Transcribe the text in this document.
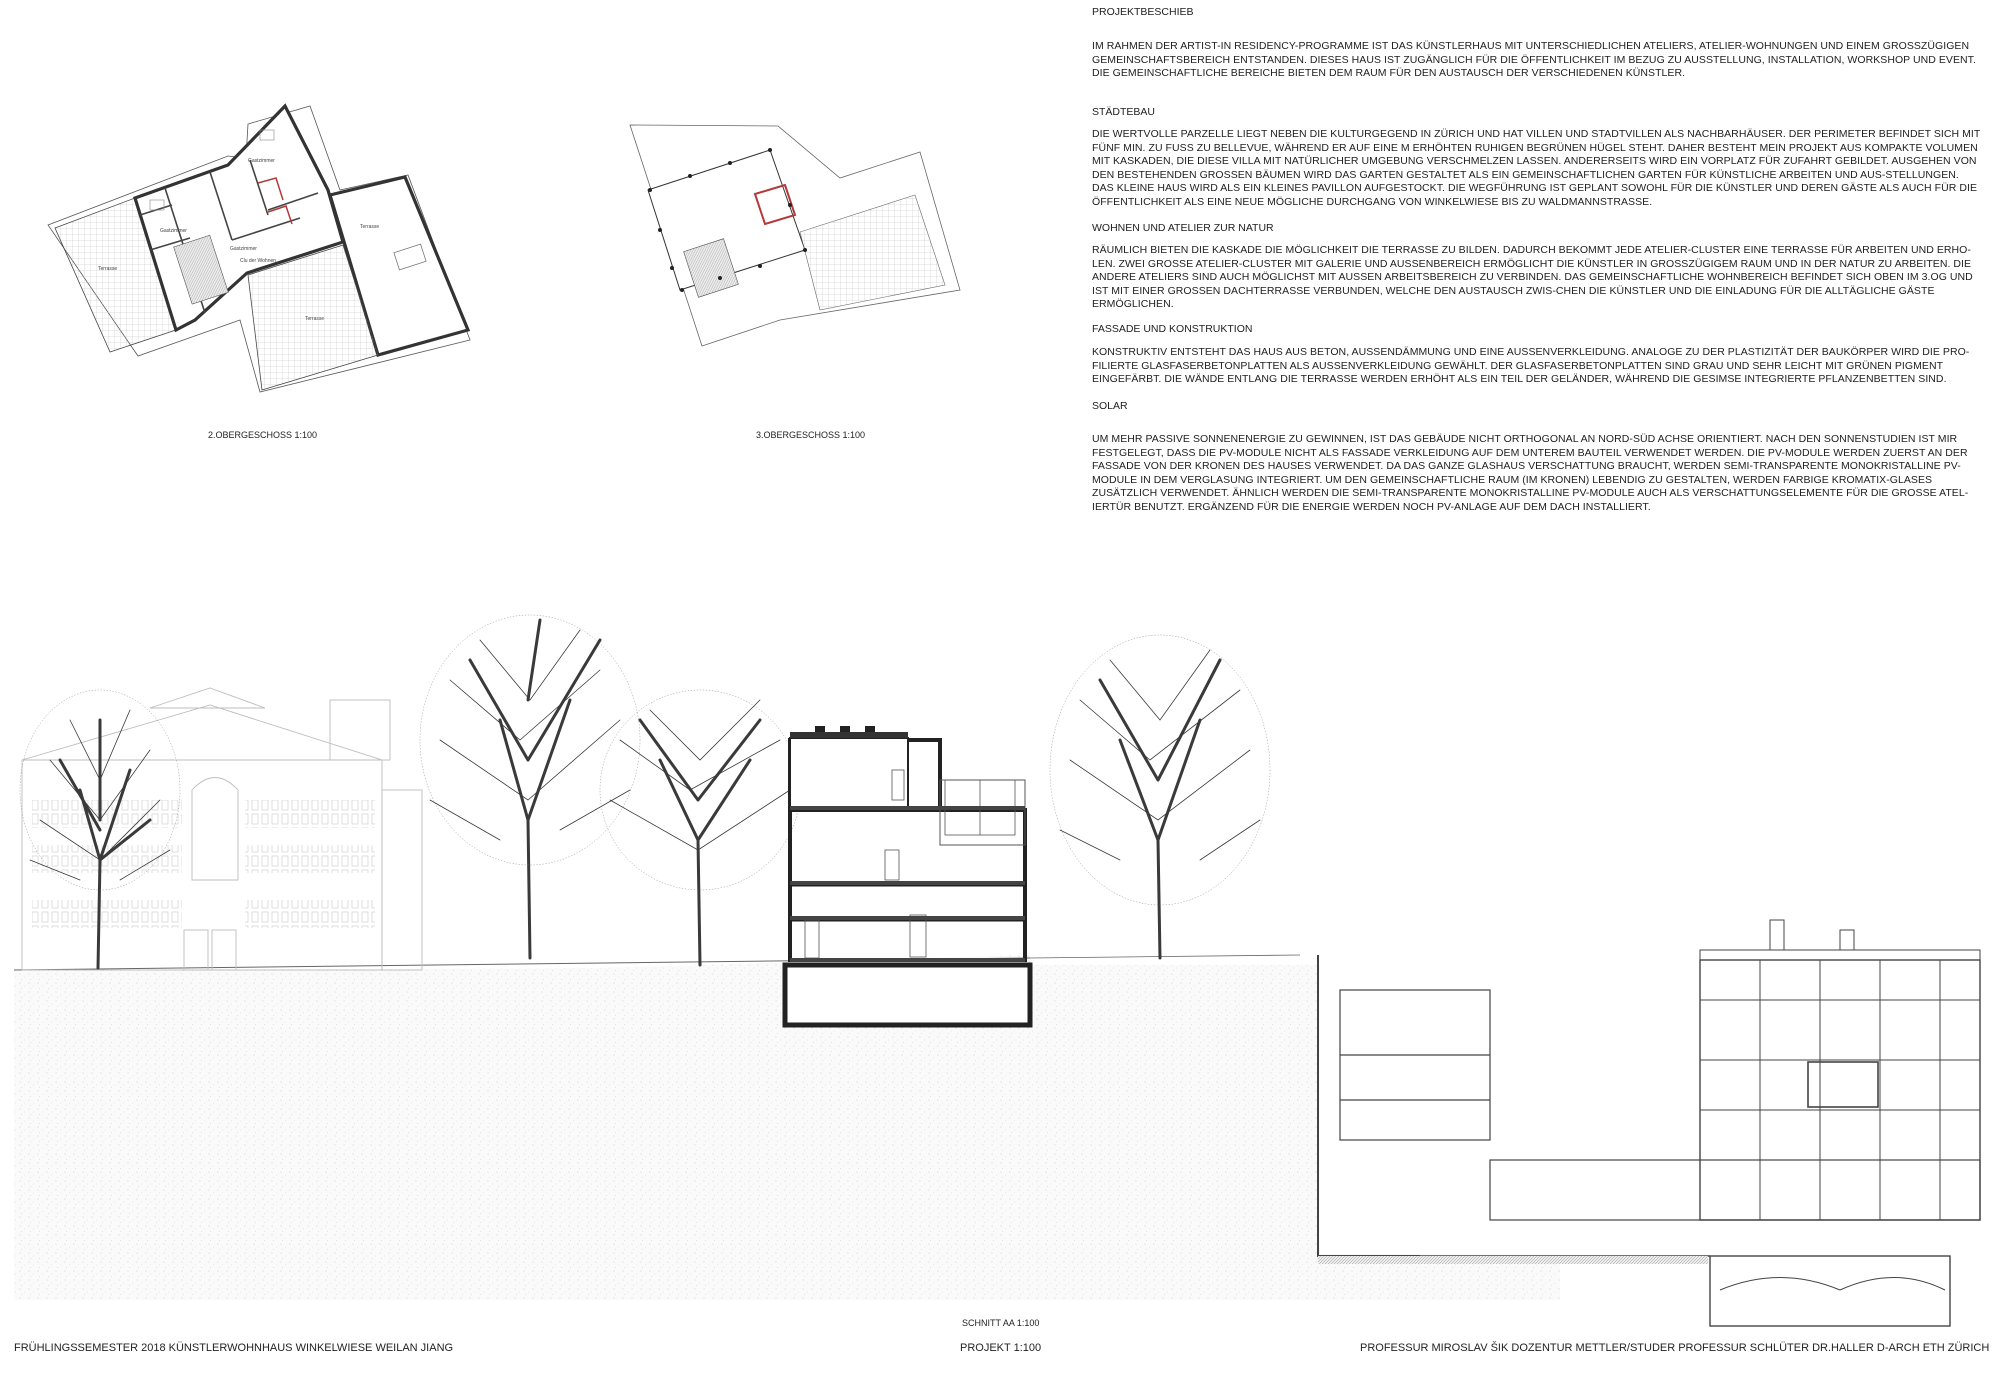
Terrasse
Gastzimmer
Gastzimmer
Clu der Wohnen
Gastzimmer
Terrasse
Terrasse
PROJEKTBESCHIEB
IM RAHMEN DER ARTIST-IN RESIDENCY-PROGRAMME IST DAS KÜNSTLERHAUS MIT UNTERSCHIEDLICHEN ATELIERS, ATELIER-WOHNUNGEN UND EINEM GROSSZÜGIGEN GEMEINSCHAFTSBEREICH ENTSTANDEN. DIESES HAUS IST ZUGÄNGLICH FÜR DIE ÖFFENTLICHKEIT IM BEZUG ZU AUSSTELLUNG, INSTALLATION, WORKSHOP UND EVENT. DIE GEMEINSCHAFTLICHE BEREICHE BIETEN DEM RAUM FÜR DEN AUSTAUSCH DER VERSCHIEDENEN KÜNSTLER.
STÄDTEBAU
DIE WERTVOLLE PARZELLE LIEGT NEBEN DIE KULTURGEGEND IN ZÜRICH UND HAT VILLEN UND STADTVILLEN ALS NACHBARHÄUSER. DER PERIMETER BEFINDET SICH MIT FÜNF MIN. ZU FUSS ZU BELLEVUE, WÄHREND ER AUF EINE M ERHÖHTEN RUHIGEN BEGRÜNEN HÜGEL STEHT. DAHER BESTEHT MEIN PROJEKT AUS KOMPAKTE VOLUMEN MIT KASKADEN, DIE DIESE VILLA MIT NATÜRLICHER UMGEBUNG VERSCHMELZEN LASSEN. ANDERERSEITS WIRD EIN VORPLATZ FÜR ZUFAHRT GEBILDET. AUSGEHEN VON DEN BESTEHENDEN GROSSEN BÄUMEN WIRD DAS GARTEN GESTALTET ALS EIN GEMEINSCHAFTLICHEN GARTEN FÜR KÜNSTLICHE ARBEITEN UND AUS-STELLUNGEN. DAS KLEINE HAUS WIRD ALS EIN KLEINES PAVILLON AUFGESTOCKT. DIE WEGFÜHRUNG IST GEPLANT SOWOHL FÜR DIE KÜNSTLER UND DEREN GÄSTE ALS AUCH FÜR DIE ÖFFENTLICHKEIT ALS EINE NEUE MÖGLICHE DURCHGANG VON WINKELWIESE BIS ZU WALDMANNSTRASSE.
WOHNEN UND ATELIER ZUR NATUR
RÄUMLICH BIETEN DIE KASKADE DIE MÖGLICHKEIT DIE TERRASSE ZU BILDEN. DADURCH BEKOMMT JEDE ATELIER-CLUSTER EINE TERRASSE FÜR ARBEITEN UND ERHO-LEN. ZWEI GROSSE ATELIER-CLUSTER MIT GALERIE UND AUSSENBEREICH ERMÖGLICHT DIE KÜNSTLER IN GROSSZÜGIGEM RAUM UND IN DER NATUR ZU ARBEITEN. DIE ANDERE ATELIERS SIND AUCH MÖGLICHST MIT AUSSEN ARBEITSBEREICH ZU VERBINDEN. DAS GEMEINSCHAFTLICHE WOHNBEREICH BEFINDET SICH OBEN IM 3.OG UND IST MIT EINER GROSSEN DACHTERRASSE VERBUNDEN, WELCHE DEN AUSTAUSCH ZWIS-CHEN DIE KÜNSTLER UND DIE EINLADUNG FÜR DIE ALLTÄGLICHE GÄSTE ERMÖGLICHEN.
FASSADE UND KONSTRUKTION
KONSTRUKTIV ENTSTEHT DAS HAUS AUS BETON, AUSSENDÄMMUNG UND EINE AUSSENVERKLEIDUNG. ANALOGE ZU DER PLASTIZITÄT DER BAUKÖRPER WIRD DIE PRO-FILIERTE GLASFASERBETONPLATTEN ALS AUSSENVERKLEIDUNG GEWÄHLT. DER GLASFASERBETONPLATTEN SIND GRAU UND SEHR LEICHT MIT GRÜNEN PIGMENT EINGEFÄRBT. DIE WÄNDE ENTLANG DIE TERRASSE WERDEN ERHÖHT ALS EIN TEIL DER GELÄNDER, WÄHREND DIE GESIMSE INTEGRIERTE PFLANZENBETTEN SIND.
SOLAR
UM MEHR PASSIVE SONNENENERGIE ZU GEWINNEN, IST DAS GEBÄUDE NICHT ORTHOGONAL AN NORD-SÜD ACHSE ORIENTIERT. NACH DEN SONNENSTUDIEN IST MIR FESTGELEGT, DASS DIE PV-MODULE NICHT ALS FASSADE VERKLEIDUNG AUF DEM UNTEREM BAUTEIL VERWENDET WERDEN. DIE PV-MODULE WERDEN ZUERST AN DER FASSADE VON DER KRONEN DES HAUSES VERWENDET. DA DAS GANZE GLASHAUS VERSCHATTUNG BRAUCHT, WERDEN SEMI-TRANSPARENTE MONOKRISTALLINE PV-MODULE IN DEM VERGLASUNG INTEGRIERT. UM DEN GEMEINSCHAFTLICHE RAUM (IM KRONEN) LEBENDIG ZU GESTALTEN, WERDEN FARBIGE KROMATIX-GLASES ZUSÄTZLICH VERWENDET. ÄHNLICH WERDEN DIE SEMI-TRANSPARENTE MONOKRISTALLINE PV-MODULE AUCH ALS VERSCHATTUNGSELEMENTE FÜR DIE GROSSE ATEL-IERTÜR BENUTZT. ERGÄNZEND FÜR DIE ENERGIE WERDEN NOCH PV-ANLAGE AUF DEM DACH INSTALLIERT.
2.OBERGESCHOSS 1:100	3.OBERGESCHOSS 1:100
SCHNITT AA 1:100
FRÜHLINGSSEMESTER 2018 KÜNSTLERWOHNHAUS WINKELWIESE WEILAN JIANG	PROJEKT 1:100	PROFESSUR MIROSLAV ŠIK DOZENTUR METTLER/STUDER PROFESSUR SCHLÜTER DR.HALLER D-ARCH ETH ZÜRICH
